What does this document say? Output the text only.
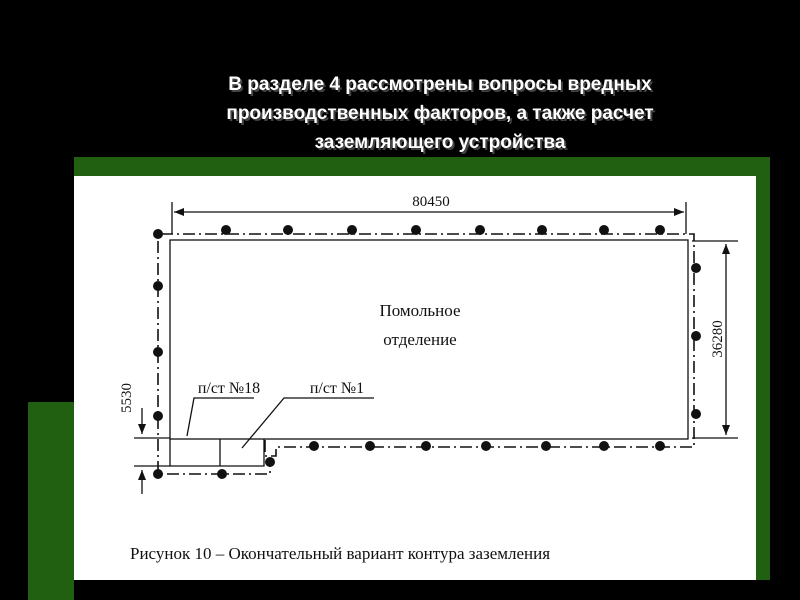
В разделе 4 рассмотрены вопросы вредных
производственных факторов, а также расчет
заземляющего устройства
80450
36280
5530
Помольное
отделение
п/ст №18	п/ст №1
Рисунок 10 – Окончательный вариант контура заземления
